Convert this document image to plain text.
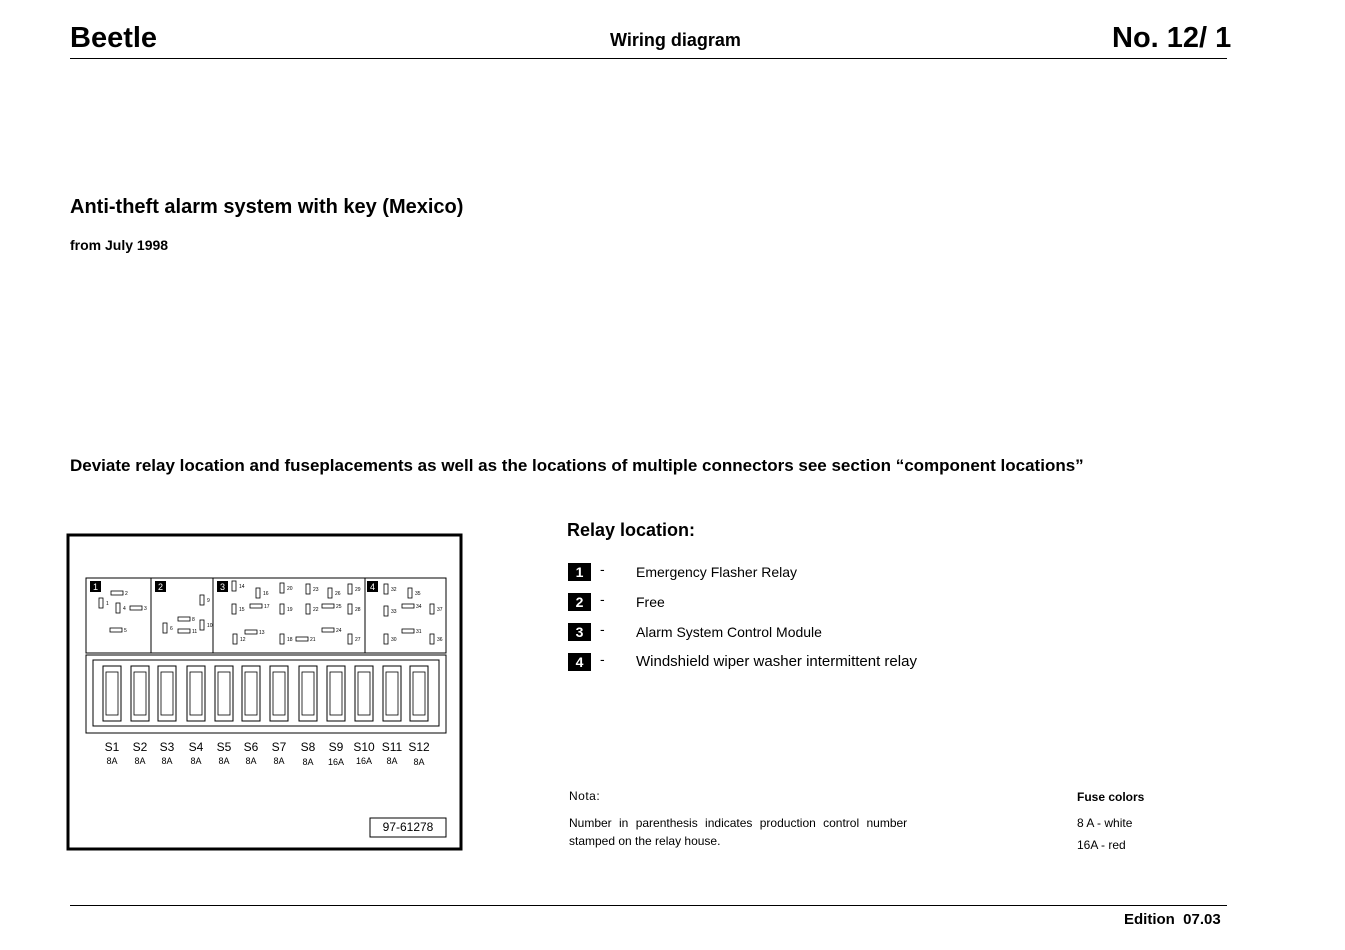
Beetle	Wiring diagram	No. 12/ 1
Anti-theft alarm system with key (Mexico)
from July 1998
Deviate relay location and fuseplacements as well as the locations of multiple connectors see section “component locations”
1	2	3	4
1
2
3
4
5	6
8
9
10
11
12
13
14
15
16
17
18
19
20
21
22
23
24
25
26
27
28
29
30
31
32
33
34
35
36
37
97-61278
S1
8A
S2
8A
S3
8A
S4
8A
S5
8A
S6
8A
S7
8A
S8
8A
S9
16A
S10
16A
S11
8A
S12
8A
Relay location:
1	- Emergency Flasher Relay
2	- Free
3	- Alarm System Control Module
4	- Windshield wiper washer intermittent relay
Nota:
Number in parenthesis indicates production control number
stamped on the relay house.
Fuse colors
8 A - white
16A - red
Edition  07.03
